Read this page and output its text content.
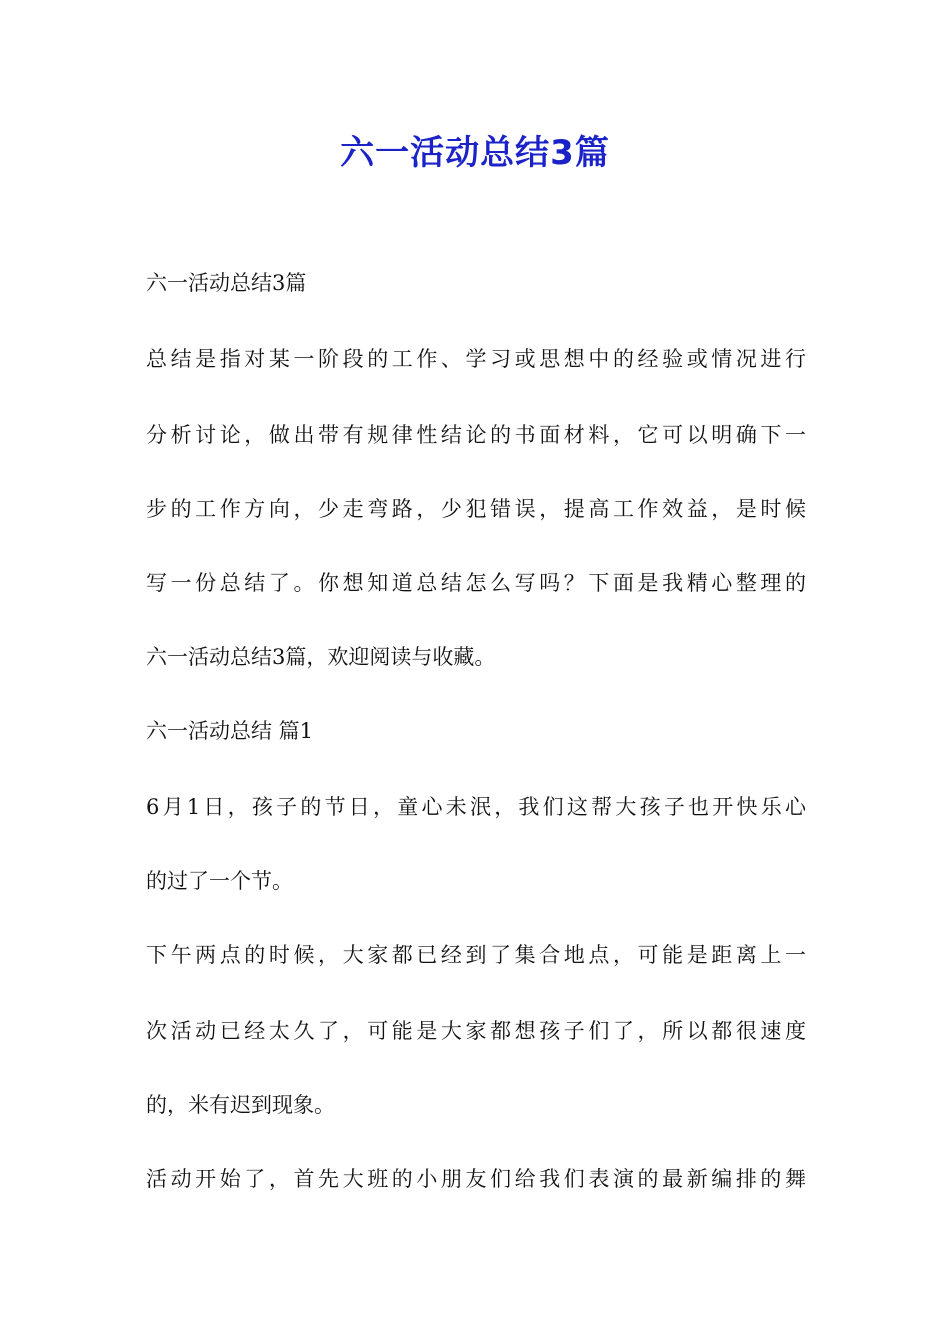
六一活动总结3篇
六一活动总结3篇
总结是指对某一阶段的工作、学习或思想中的经验或情况进行
分析讨论，做出带有规律性结论的书面材料，它可以明确下一
步的工作方向，少走弯路，少犯错误，提高工作效益，是时候
写一份总结了。你想知道总结怎么写吗？下面是我精心整理的
六一活动总结3篇，欢迎阅读与收藏。
六一活动总结 篇1
6月1日，孩子的节日，童心未泯，我们这帮大孩子也开快乐心
的过了一个节。
下午两点的时候，大家都已经到了集合地点，可能是距离上一
次活动已经太久了，可能是大家都想孩子们了，所以都很速度
的，米有迟到现象。
活动开始了，首先大班的小朋友们给我们表演的最新编排的舞
